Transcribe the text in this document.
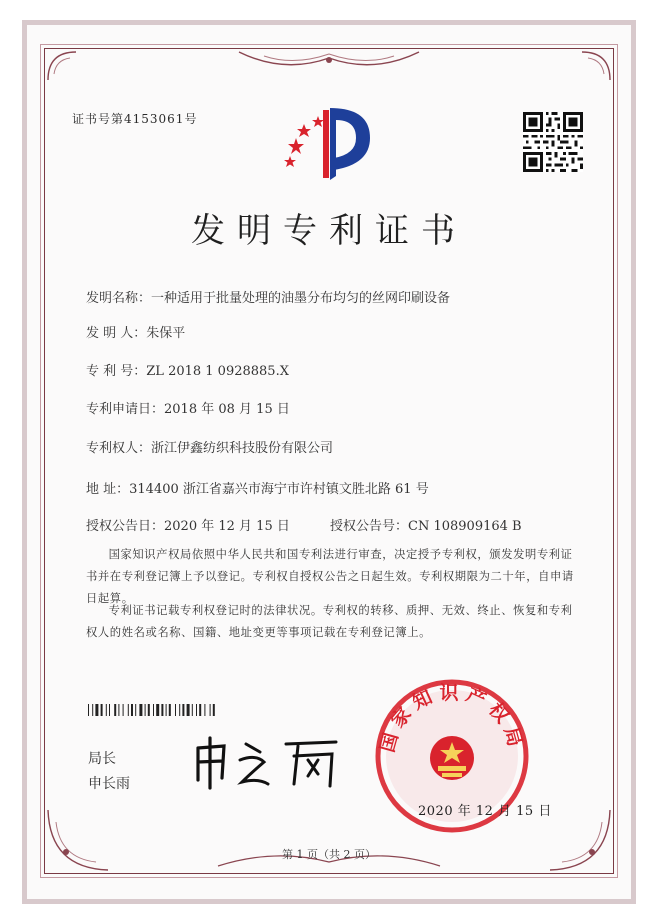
证书号第4153061号
发明专利证书
发明名称：一种适用于批量处理的油墨分布均匀的丝网印刷设备
发 明 人：朱保平
专 利 号：ZL 2018 1 0928885.X
专利申请日：2018 年 08 月 15 日
专利权人：浙江伊鑫纺织科技股份有限公司
地 址：314400 浙江省嘉兴市海宁市许村镇文胜北路 61 号
授权公告日：2020 年 12 月 15 日	授权公告号：CN 108909164 B
国家知识产权局依照中华人民共和国专利法进行审查，决定授予专利权，颁发发明专利证书并在专利登记簿上予以登记。专利权自授权公告之日起生效。专利权期限为二十年，自申请日起算。
专利证书记载专利权登记时的法律状况。专利权的转移、质押、无效、终止、恢复和专利权人的姓名或名称、国籍、地址变更等事项记载在专利登记簿上。
局长
申长雨
国家知识产权局
2020 年 12 月 15 日
第 1 页（共 2 页）
